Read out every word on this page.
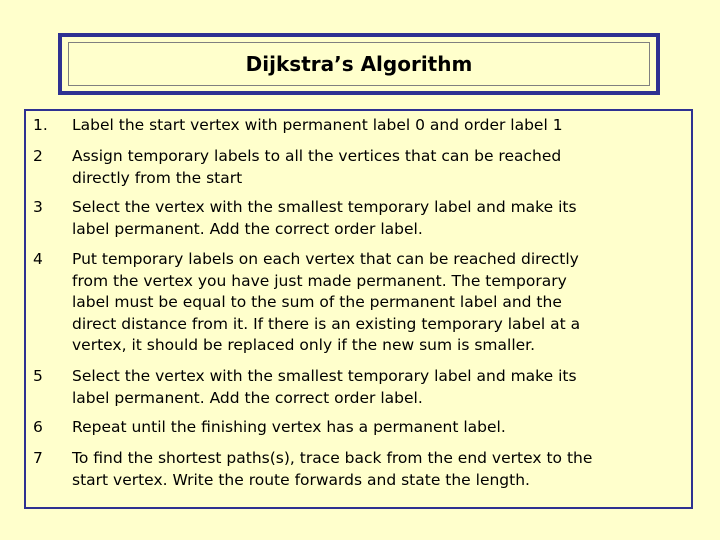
Dijkstra’s Algorithm
1. Label the start vertex with permanent label 0 and order label 1
2 Assign temporary labels to all the vertices that can be reached
directly from the start
3 Select the vertex with the smallest temporary label and make its
label permanent. Add the correct order label.
4 Put temporary labels on each vertex that can be reached directly
from the vertex you have just made permanent. The temporary
label must be equal to the sum of the permanent label and the
direct distance from it. If there is an existing temporary label at a
vertex, it should be replaced only if the new sum is smaller.
5 Select the vertex with the smallest temporary label and make its
label permanent. Add the correct order label.
6 Repeat until the finishing vertex has a permanent label.
7 To find the shortest paths(s), trace back from the end vertex to the
start vertex. Write the route forwards and state the length.
